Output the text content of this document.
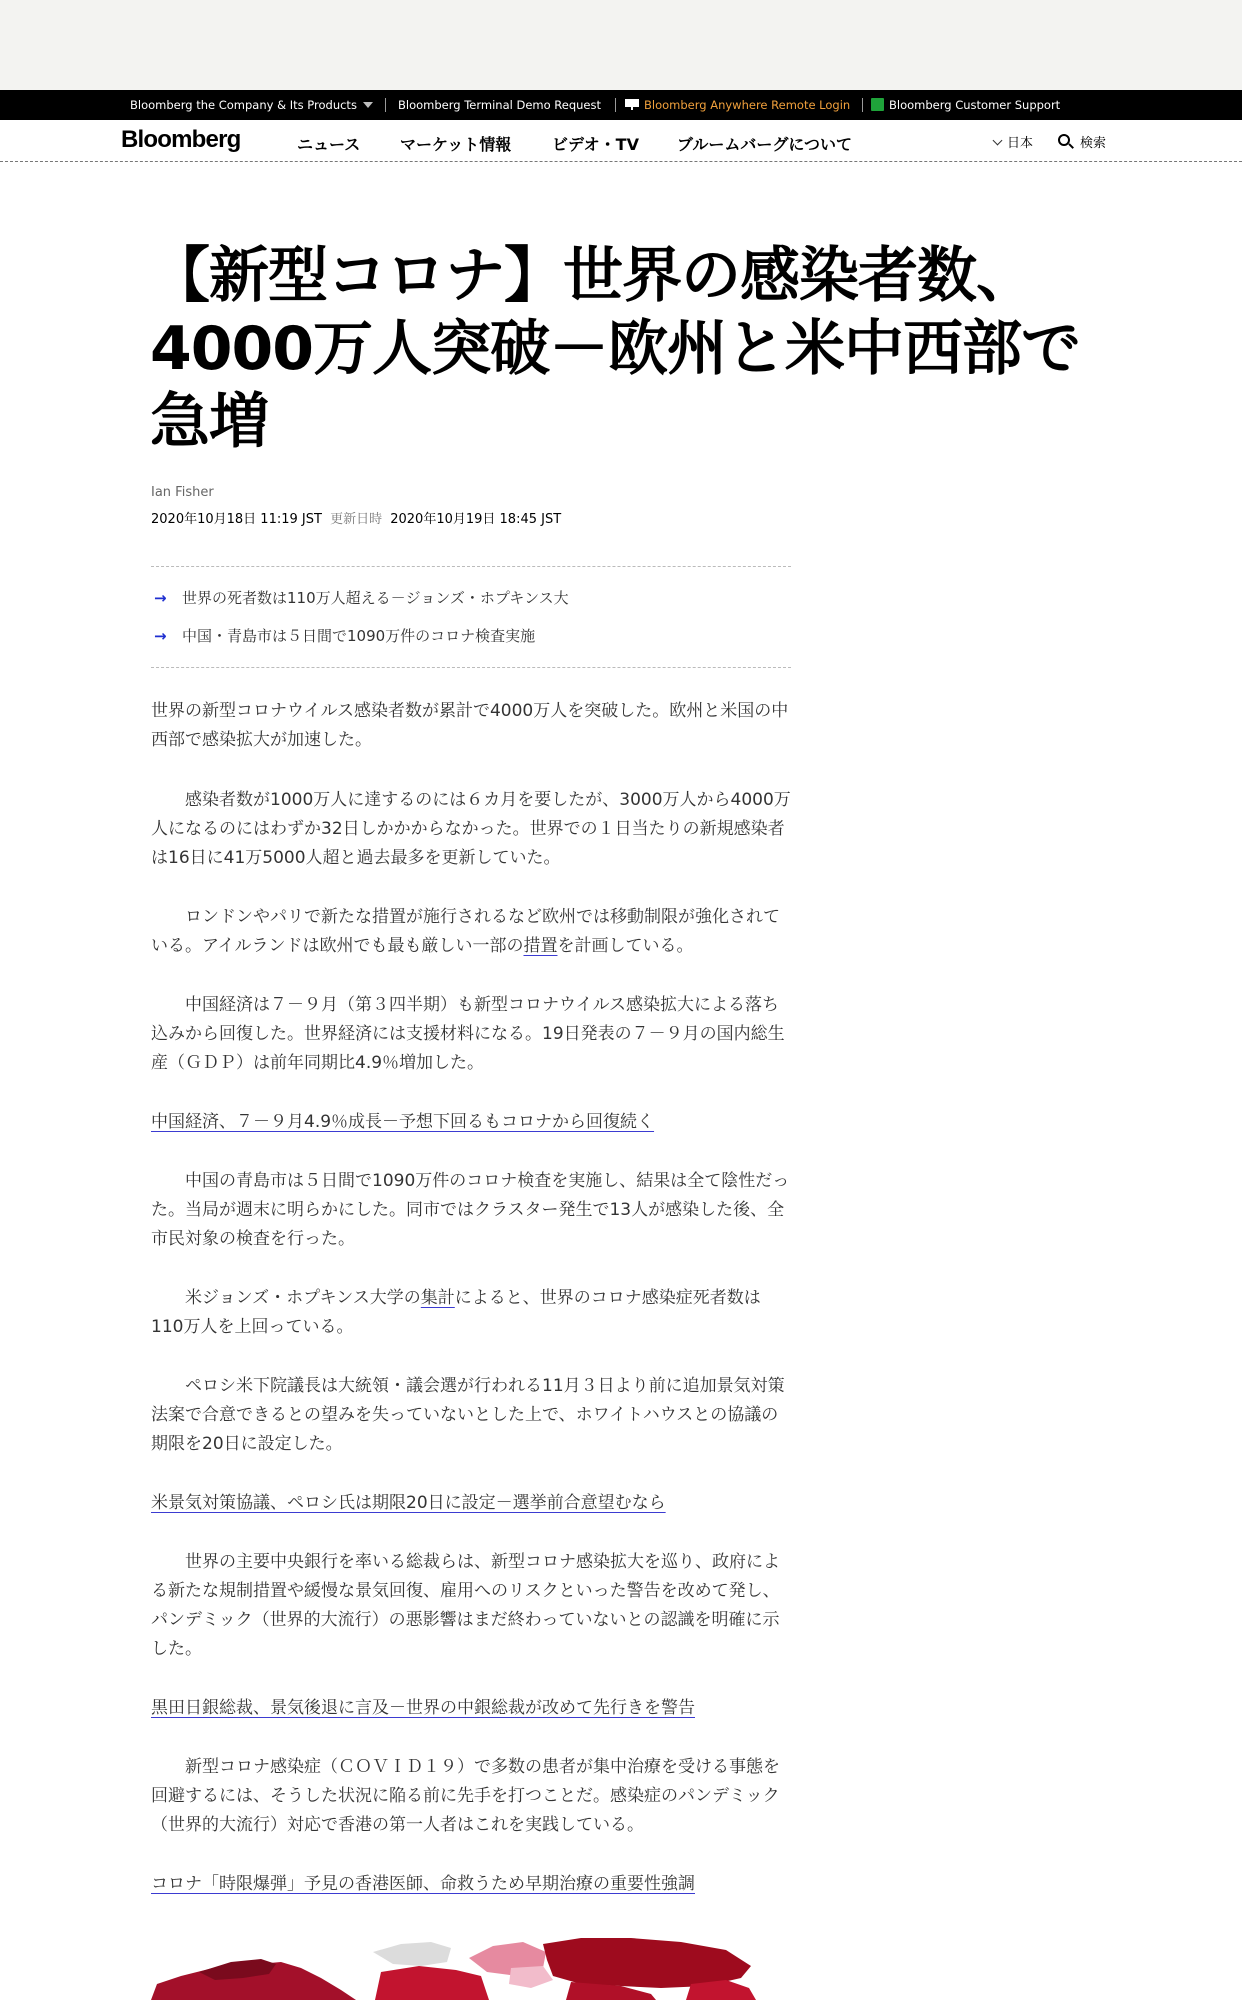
Bloomberg the Company & Its Products	Bloomberg Terminal Demo Request	Bloomberg Anywhere Remote Login	Bloomberg Customer Support
Bloomberg	ニュース マーケット情報	ビデオ・TV ブルームバーグについて	日本	検索
【新型コロナ】世界の感染者数、4000万人突破－欧州と米中西部で急増
Ian Fisher
2020年10月18日 11:19 JST 更新日時 2020年10月19日 18:45 JST
→ 世界の死者数は110万人超える－ジョンズ・ホプキンス大
→ 中国・青島市は５日間で1090万件のコロナ検査実施

世界の新型コロナウイルス感染者数が累計で4000万人を突破した。欧州と米国の中西部で感染拡大が加速した。

感染者数が1000万人に達するのには６カ月を要したが、3000万人から4000万人になるのにはわずか32日しかかからなかった。世界での１日当たりの新規感染者は16日に41万5000人超と過去最多を更新していた。

ロンドンやパリで新たな措置が施行されるなど欧州では移動制限が強化されている。アイルランドは欧州でも最も厳しい一部の措置を計画している。

中国経済は７－９月（第３四半期）も新型コロナウイルス感染拡大による落ち込みから回復した。世界経済には支援材料になる。19日発表の７－９月の国内総生産（ＧＤＰ）は前年同期比4.9％増加した。

中国経済、７－９月4.9％成長－予想下回るもコロナから回復続く

中国の青島市は５日間で1090万件のコロナ検査を実施し、結果は全て陰性だった。当局が週末に明らかにした。同市ではクラスター発生で13人が感染した後、全市民対象の検査を行った。

米ジョンズ・ホプキンス大学の集計によると、世界のコロナ感染症死者数は110万人を上回っている。

ペロシ米下院議長は大統領・議会選が行われる11月３日より前に追加景気対策法案で合意できるとの望みを失っていないとした上で、ホワイトハウスとの協議の期限を20日に設定した。

米景気対策協議、ペロシ氏は期限20日に設定－選挙前合意望むなら

世界の主要中央銀行を率いる総裁らは、新型コロナ感染拡大を巡り、政府による新たな規制措置や緩慢な景気回復、雇用へのリスクといった警告を改めて発し、パンデミック（世界的大流行）の悪影響はまだ終わっていないとの認識を明確に示した。

黒田日銀総裁、景気後退に言及－世界の中銀総裁が改めて先行きを警告

新型コロナ感染症（ＣＯＶＩＤ１９）で多数の患者が集中治療を受ける事態を回避するには、そうした状況に陥る前に先手を打つことだ。感染症のパンデミック（世界的大流行）対応で香港の第一人者はこれを実践している。

コロナ「時限爆弾」予見の香港医師、命救うため早期治療の重要性強調
